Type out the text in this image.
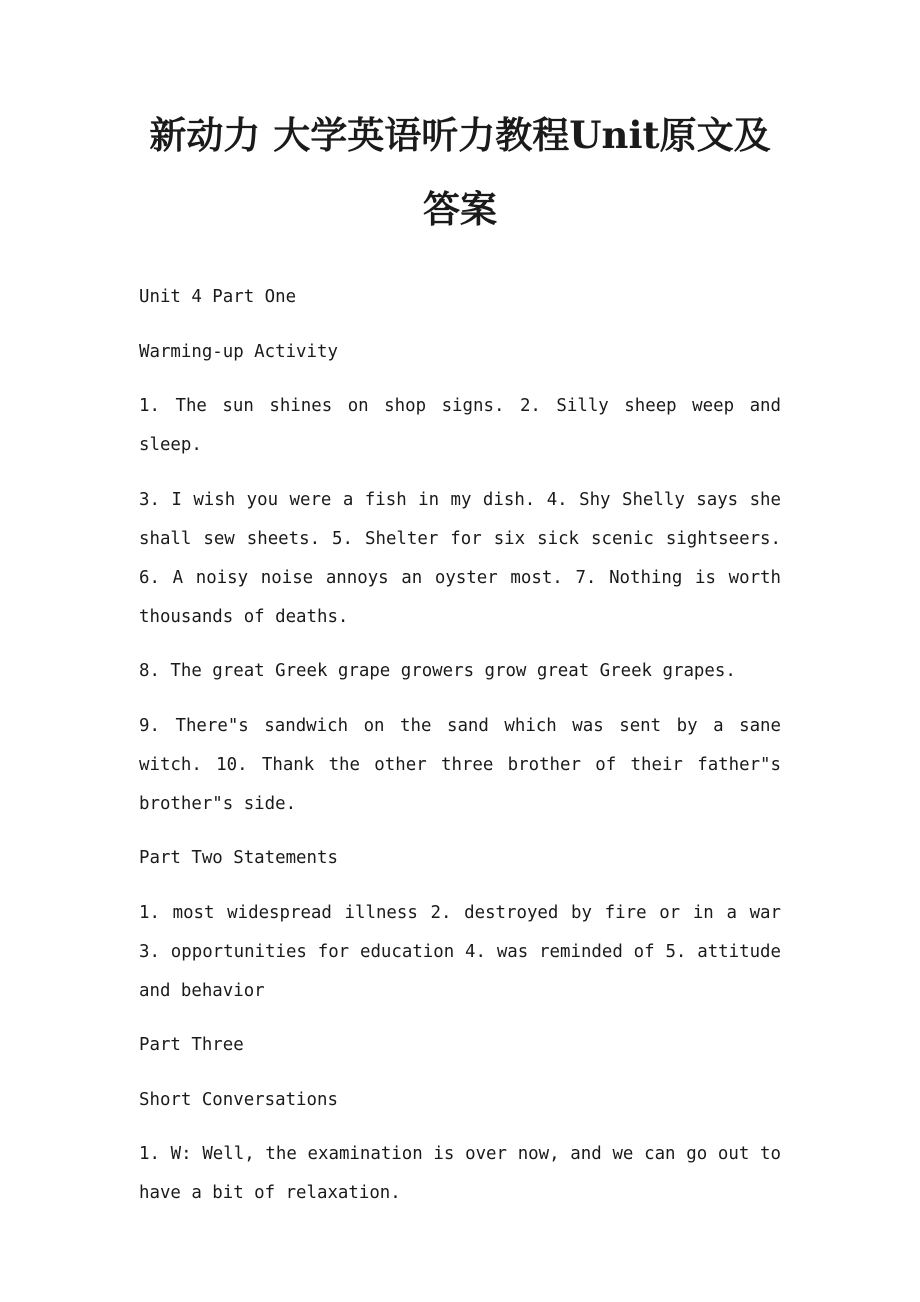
新动力 大学英语听力教程Unit原文及答案

Unit 4 Part One

Warming-up Activity

1. The sun shines on shop signs. 2. Silly sheep weep and sleep.

3. I wish you were a fish in my dish. 4. Shy Shelly says she shall sew sheets. 5. Shelter for six sick scenic sightseers. 6. A noisy noise annoys an oyster most. 7. Nothing is worth thousands of deaths.

8. The great Greek grape growers grow great Greek grapes.

9. There"s sandwich on the sand which was sent by a sane witch. 10. Thank the other three brother of their father"s brother"s side.

Part Two Statements

1. most widespread illness 2. destroyed by fire or in a war 3. opportunities for education 4. was reminded of 5. attitude and behavior

Part Three

Short Conversations

1. W: Well, the examination is over now, and we can go out to have a bit of relaxation.
